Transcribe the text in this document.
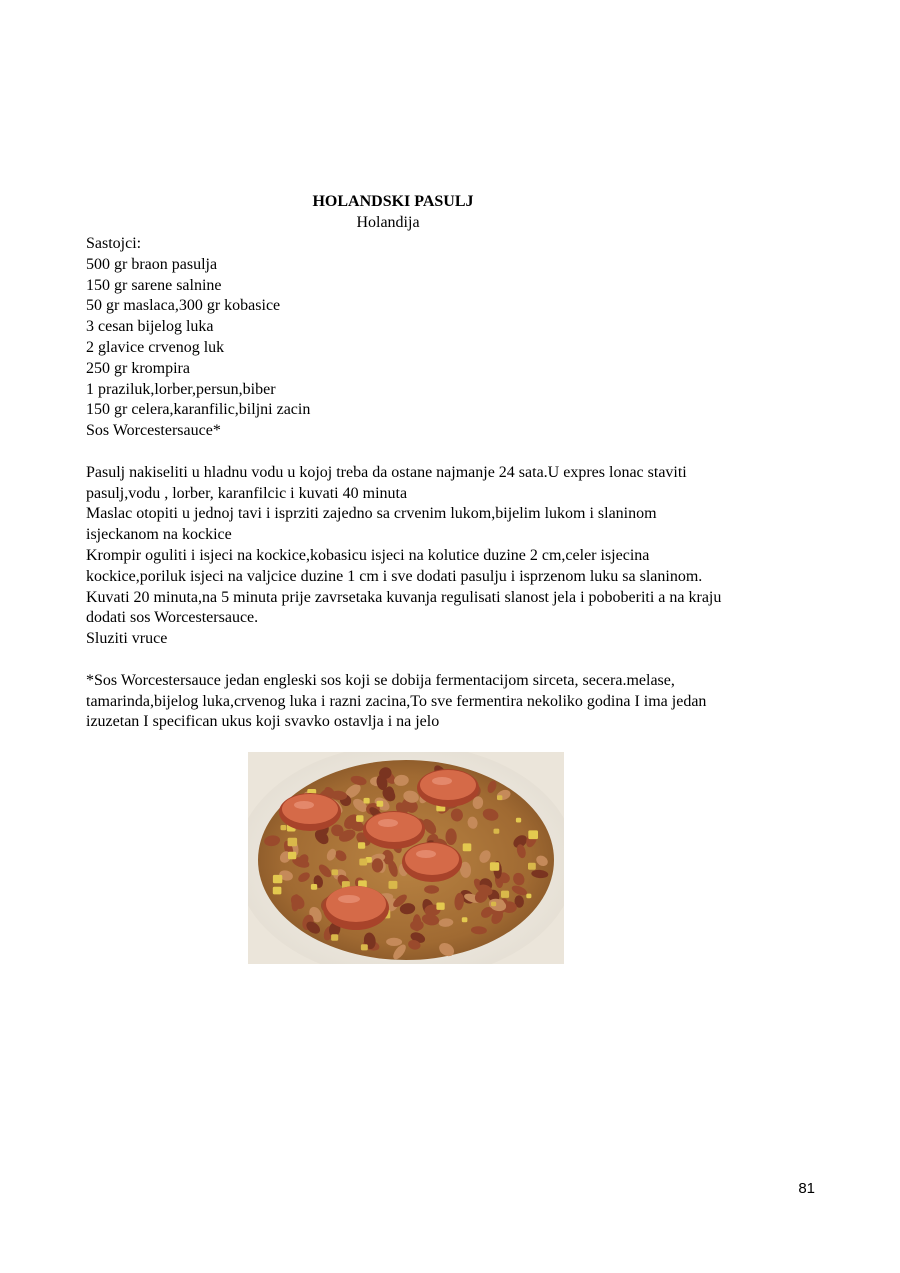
HOLANDSKI PASULJ
Holandija
Sastojci:
500 gr braon pasulja
150 gr sarene salnine
50 gr maslaca,300 gr kobasice
3 cesan bijelog luka
2 glavice crvenog luk
250 gr krompira
1 praziluk,lorber,persun,biber
150 gr celera,karanfilic,biljni zacin
Sos Worcestersauce*
Pasulj nakiseliti u hladnu vodu u kojoj treba da ostane najmanje 24 sata.U expres lonac staviti
pasulj,vodu , lorber, karanfilcic i kuvati 40 minuta
Maslac otopiti u jednoj tavi i isprziti zajedno sa crvenim lukom,bijelim lukom i slaninom
isjeckanom na kockice
Krompir oguliti i isjeci na kockice,kobasicu isjeci na kolutice duzine 2 cm,celer isjecina
kockice,poriluk isjeci na valjcice duzine 1 cm i sve dodati pasulju i isprzenom luku sa slaninom.
Kuvati 20 minuta,na 5 minuta prije zavrsetaka kuvanja regulisati slanost jela i poboberiti a na kraju
dodati sos Worcestersauce.
Sluziti vruce
*Sos Worcestersauce jedan engleski sos koji se dobija fermentacijom sirceta, secera.melase,
tamarinda,bijelog luka,crvenog luka i razni zacina,To sve fermentira nekoliko godina I ima jedan
izuzetan I specifican ukus koji svavko ostavlja i na jelo
81
